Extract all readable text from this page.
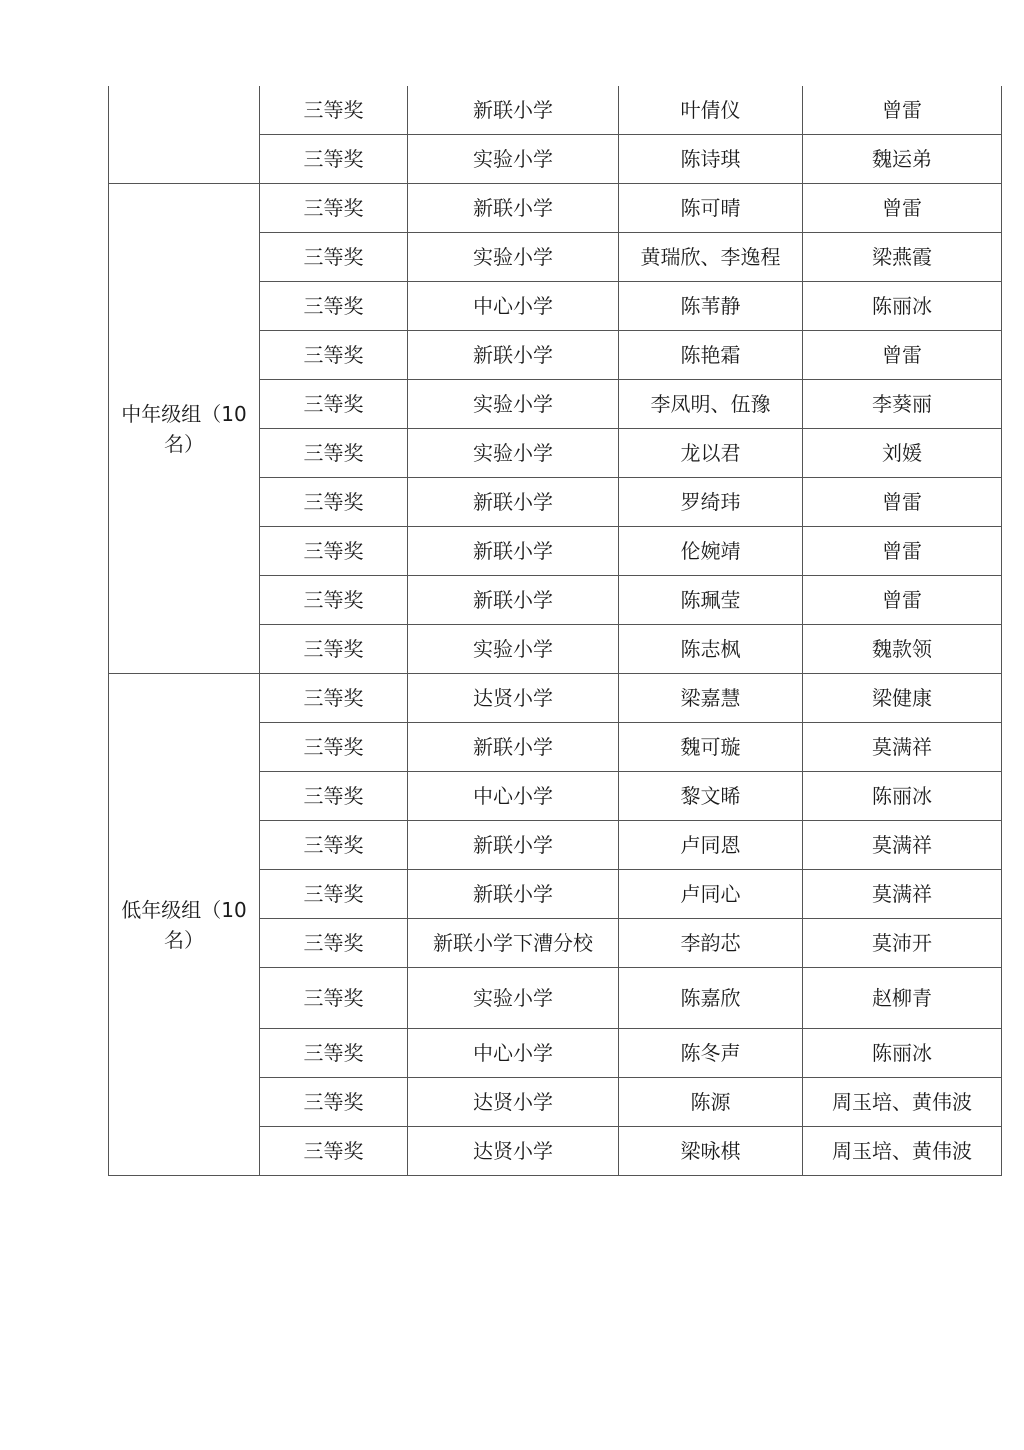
	三等奖	新联小学	叶倩仪	曾雷
	三等奖	实验小学	陈诗琪	魏运弟
中年级组（10名）	三等奖	新联小学	陈可晴	曾雷
	三等奖	实验小学	黄瑞欣、李逸程	梁燕霞
	三等奖	中心小学	陈苇静	陈丽冰
	三等奖	新联小学	陈艳霜	曾雷
	三等奖	实验小学	李凤明、伍豫	李葵丽
	三等奖	实验小学	龙以君	刘媛
	三等奖	新联小学	罗绮玮	曾雷
	三等奖	新联小学	伦婉靖	曾雷
	三等奖	新联小学	陈珮莹	曾雷
	三等奖	实验小学	陈志枫	魏款领
低年级组（10名）	三等奖	达贤小学	梁嘉慧	梁健康
	三等奖	新联小学	魏可璇	莫满祥
	三等奖	中心小学	黎文晞	陈丽冰
	三等奖	新联小学	卢同恩	莫满祥
	三等奖	新联小学	卢同心	莫满祥
	三等奖	新联小学下漕分校	李韵芯	莫沛开
	三等奖	实验小学	陈嘉欣	赵柳青
	三等奖	中心小学	陈冬声	陈丽冰
	三等奖	达贤小学	陈源	周玉培、黄伟波
	三等奖	达贤小学	梁咏棋	周玉培、黄伟波
